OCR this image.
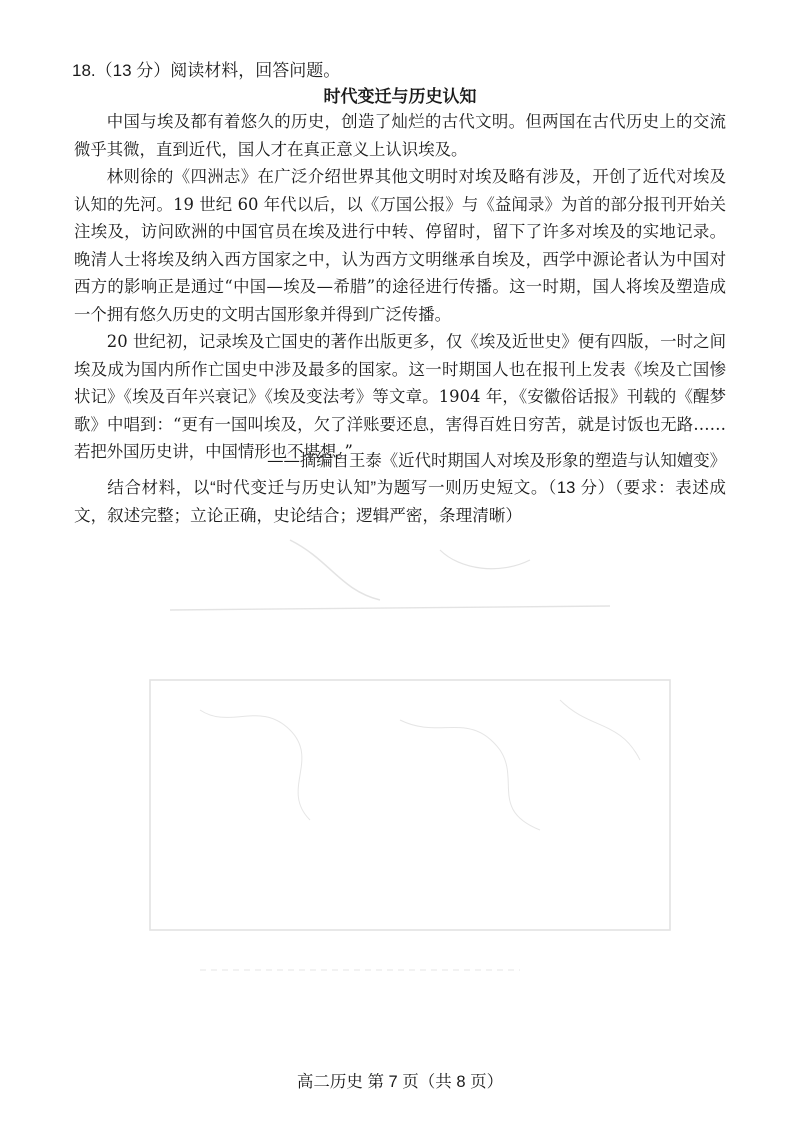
18.（13 分）阅读材料，回答问题。
时代变迁与历史认知

中国与埃及都有着悠久的历史，创造了灿烂的古代文明。但两国在古代历史上的交流微乎其微，直到近代，国人才在真正意义上认识埃及。

林则徐的《四洲志》在广泛介绍世界其他文明时对埃及略有涉及，开创了近代对埃及认知的先河。19 世纪 60 年代以后，以《万国公报》与《益闻录》为首的部分报刊开始关注埃及，访问欧洲的中国官员在埃及进行中转、停留时，留下了许多对埃及的实地记录。晚清人士将埃及纳入西方国家之中，认为西方文明继承自埃及，西学中源论者认为中国对西方的影响正是通过“中国—埃及—希腊”的途径进行传播。这一时期，国人将埃及塑造成一个拥有悠久历史的文明古国形象并得到广泛传播。

20 世纪初，记录埃及亡国史的著作出版更多，仅《埃及近世史》便有四版，一时之间埃及成为国内所作亡国史中涉及最多的国家。这一时期国人也在报刊上发表《埃及亡国惨状记》《埃及百年兴衰记》《埃及变法考》等文章。1904 年，《安徽俗话报》刊载的《醒梦歌》中唱到：“更有一国叫埃及，欠了洋账要还息，害得百姓日穷苦，就是讨饭也无路……若把外国历史讲，中国情形也不堪想。”

——摘编自王泰《近代时期国人对埃及形象的塑造与认知嬗变》
结合材料，以“时代变迁与历史认知”为题写一则历史短文。（13 分）（要求：表述成文，叙述完整；立论正确，史论结合；逻辑严密，条理清晰）
高二历史 第 7 页（共 8 页）
